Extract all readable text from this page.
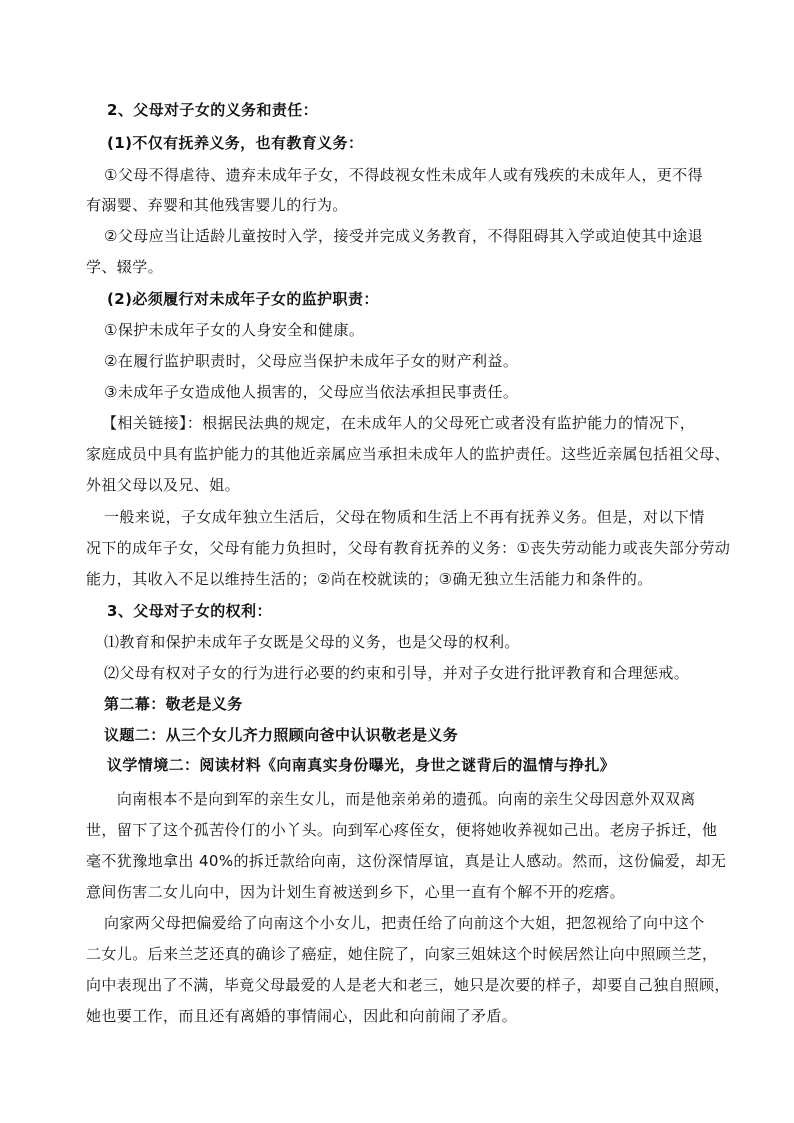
2、父母对子女的义务和责任：
(1)不仅有抚养义务，也有教育义务：
①父母不得虐待、遗弃未成年子女，不得歧视女性未成年人或有残疾的未成年人，更不得
有溺婴、弃婴和其他残害婴儿的行为。
②父母应当让适龄儿童按时入学，接受并完成义务教育，不得阻碍其入学或迫使其中途退
学、辍学。
(2)必须履行对未成年子女的监护职责：
①保护未成年子女的人身安全和健康。
②在履行监护职责时，父母应当保护未成年子女的财产利益。
③未成年子女造成他人损害的，父母应当依法承担民事责任。
【相关链接】：根据民法典的规定，在未成年人的父母死亡或者没有监护能力的情况下，
家庭成员中具有监护能力的其他近亲属应当承担未成年人的监护责任。这些近亲属包括祖父母、
外祖父母以及兄、姐。
一般来说，子女成年独立生活后，父母在物质和生活上不再有抚养义务。但是，对以下情
况下的成年子女，父母有能力负担时，父母有教育抚养的义务：①丧失劳动能力或丧失部分劳动
能力，其收入不足以维持生活的；②尚在校就读的；③确无独立生活能力和条件的。
3、父母对子女的权利：
⑴教育和保护未成年子女既是父母的义务，也是父母的权利。
⑵父母有权对子女的行为进行必要的约束和引导，并对子女进行批评教育和合理惩戒。
第二幕：敬老是义务
议题二：从三个女儿齐力照顾向爸中认识敬老是义务
议学情境二：阅读材料《向南真实身份曝光，身世之谜背后的温情与挣扎》
向南根本不是向到军的亲生女儿，而是他亲弟弟的遗孤。向南的亲生父母因意外双双离
世，留下了这个孤苦伶仃的小丫头。向到军心疼侄女，便将她收养视如己出。老房子拆迁，他
毫不犹豫地拿出 40%的拆迁款给向南，这份深情厚谊，真是让人感动。然而，这份偏爱，却无
意间伤害二女儿向中，因为计划生育被送到乡下，心里一直有个解不开的疙瘩。
向家两父母把偏爱给了向南这个小女儿，把责任给了向前这个大姐，把忽视给了向中这个
二女儿。后来兰芝还真的确诊了癌症，她住院了，向家三姐妹这个时候居然让向中照顾兰芝，
向中表现出了不满，毕竟父母最爱的人是老大和老三，她只是次要的样子，却要自己独自照顾，
她也要工作，而且还有离婚的事情闹心，因此和向前闹了矛盾。
